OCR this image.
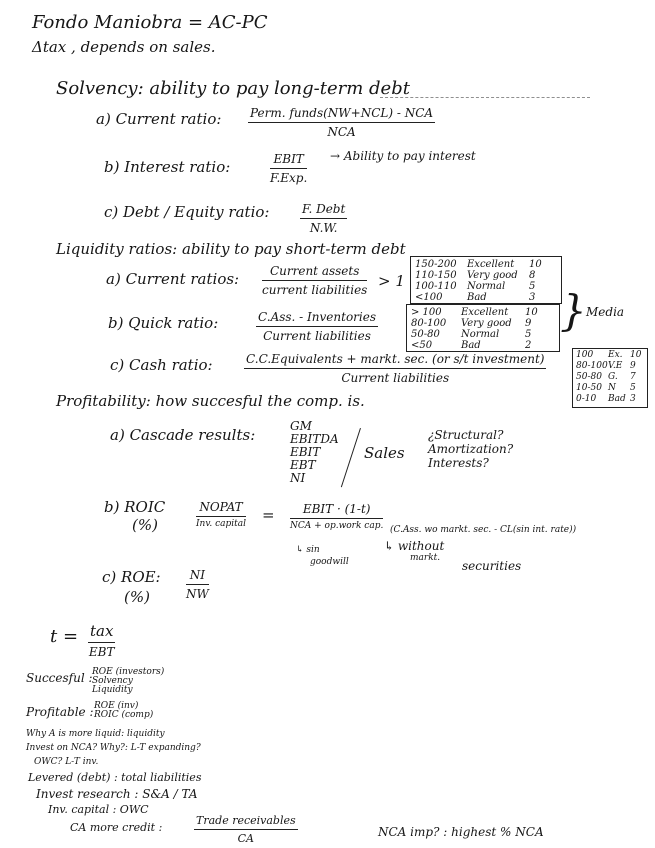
Fondo Maniobra = AC-PC
Δtax , depends on sales.
Solvency: ability to pay long-term debt
a) Current ratio: Perm. funds(NW+NCL) - NCA
NCA
b) Interest ratio:	EBIT
F.Exp.
→ Ability to pay interest
c) Debt / Equity ratio:	F. Debt
N.W.
Liquidity ratios: ability to pay short-term debt
a) Current ratios:	Current assets
current liabilities > 1
150-200 Excellent 10
110-150 Very good 8
100-110 Normal 5
<100 Bad	3
b) Quick ratio:	C.Ass. - Inventories
Current liabilities
> 100 Excellent 10
80-100 Very good 9
50-80 Normal	5
<50	Bad	2
} Media
c) Cash ratio:	C.C.Equivalents + markt. sec. (or s/t investment)
Current liabilities
100 Ex. 10
80-100V.E 9
50-80 G. 7
10-50 N 5
0-10 Bad 3
Profitability: how succesful the comp. is.
a) Cascade results:	GM
EBITDA
EBIT
EBT
NI
Sales
¿Structural?
Amortization?
Interests?
b) ROIC
(%)
NOPAT
Inv. capital =	EBIT · (1-t)
NCA + op.work cap. (C.Ass. wo markt. sec. - CL(sin int. rate))
↳ sin
goodwill
↳ without
markt.
securities
c) ROE:
(%)	$\frac{NI}{NW}$
t = tax
EBT
Succesful : ROE (investors)
Solvency
Liquidity
Profitable : ROE (inv)
ROIC (comp)
Why A is more liquid: liquidity
Invest on NCA? Why?: L-T expanding?
OWC? L-T inv.
Levered (debt) : total liabilities
Invest research : S&A / TA
Inv. capital : OWC
CA more credit :
Trade receivables
CA	NCA imp? : highest % NCA
